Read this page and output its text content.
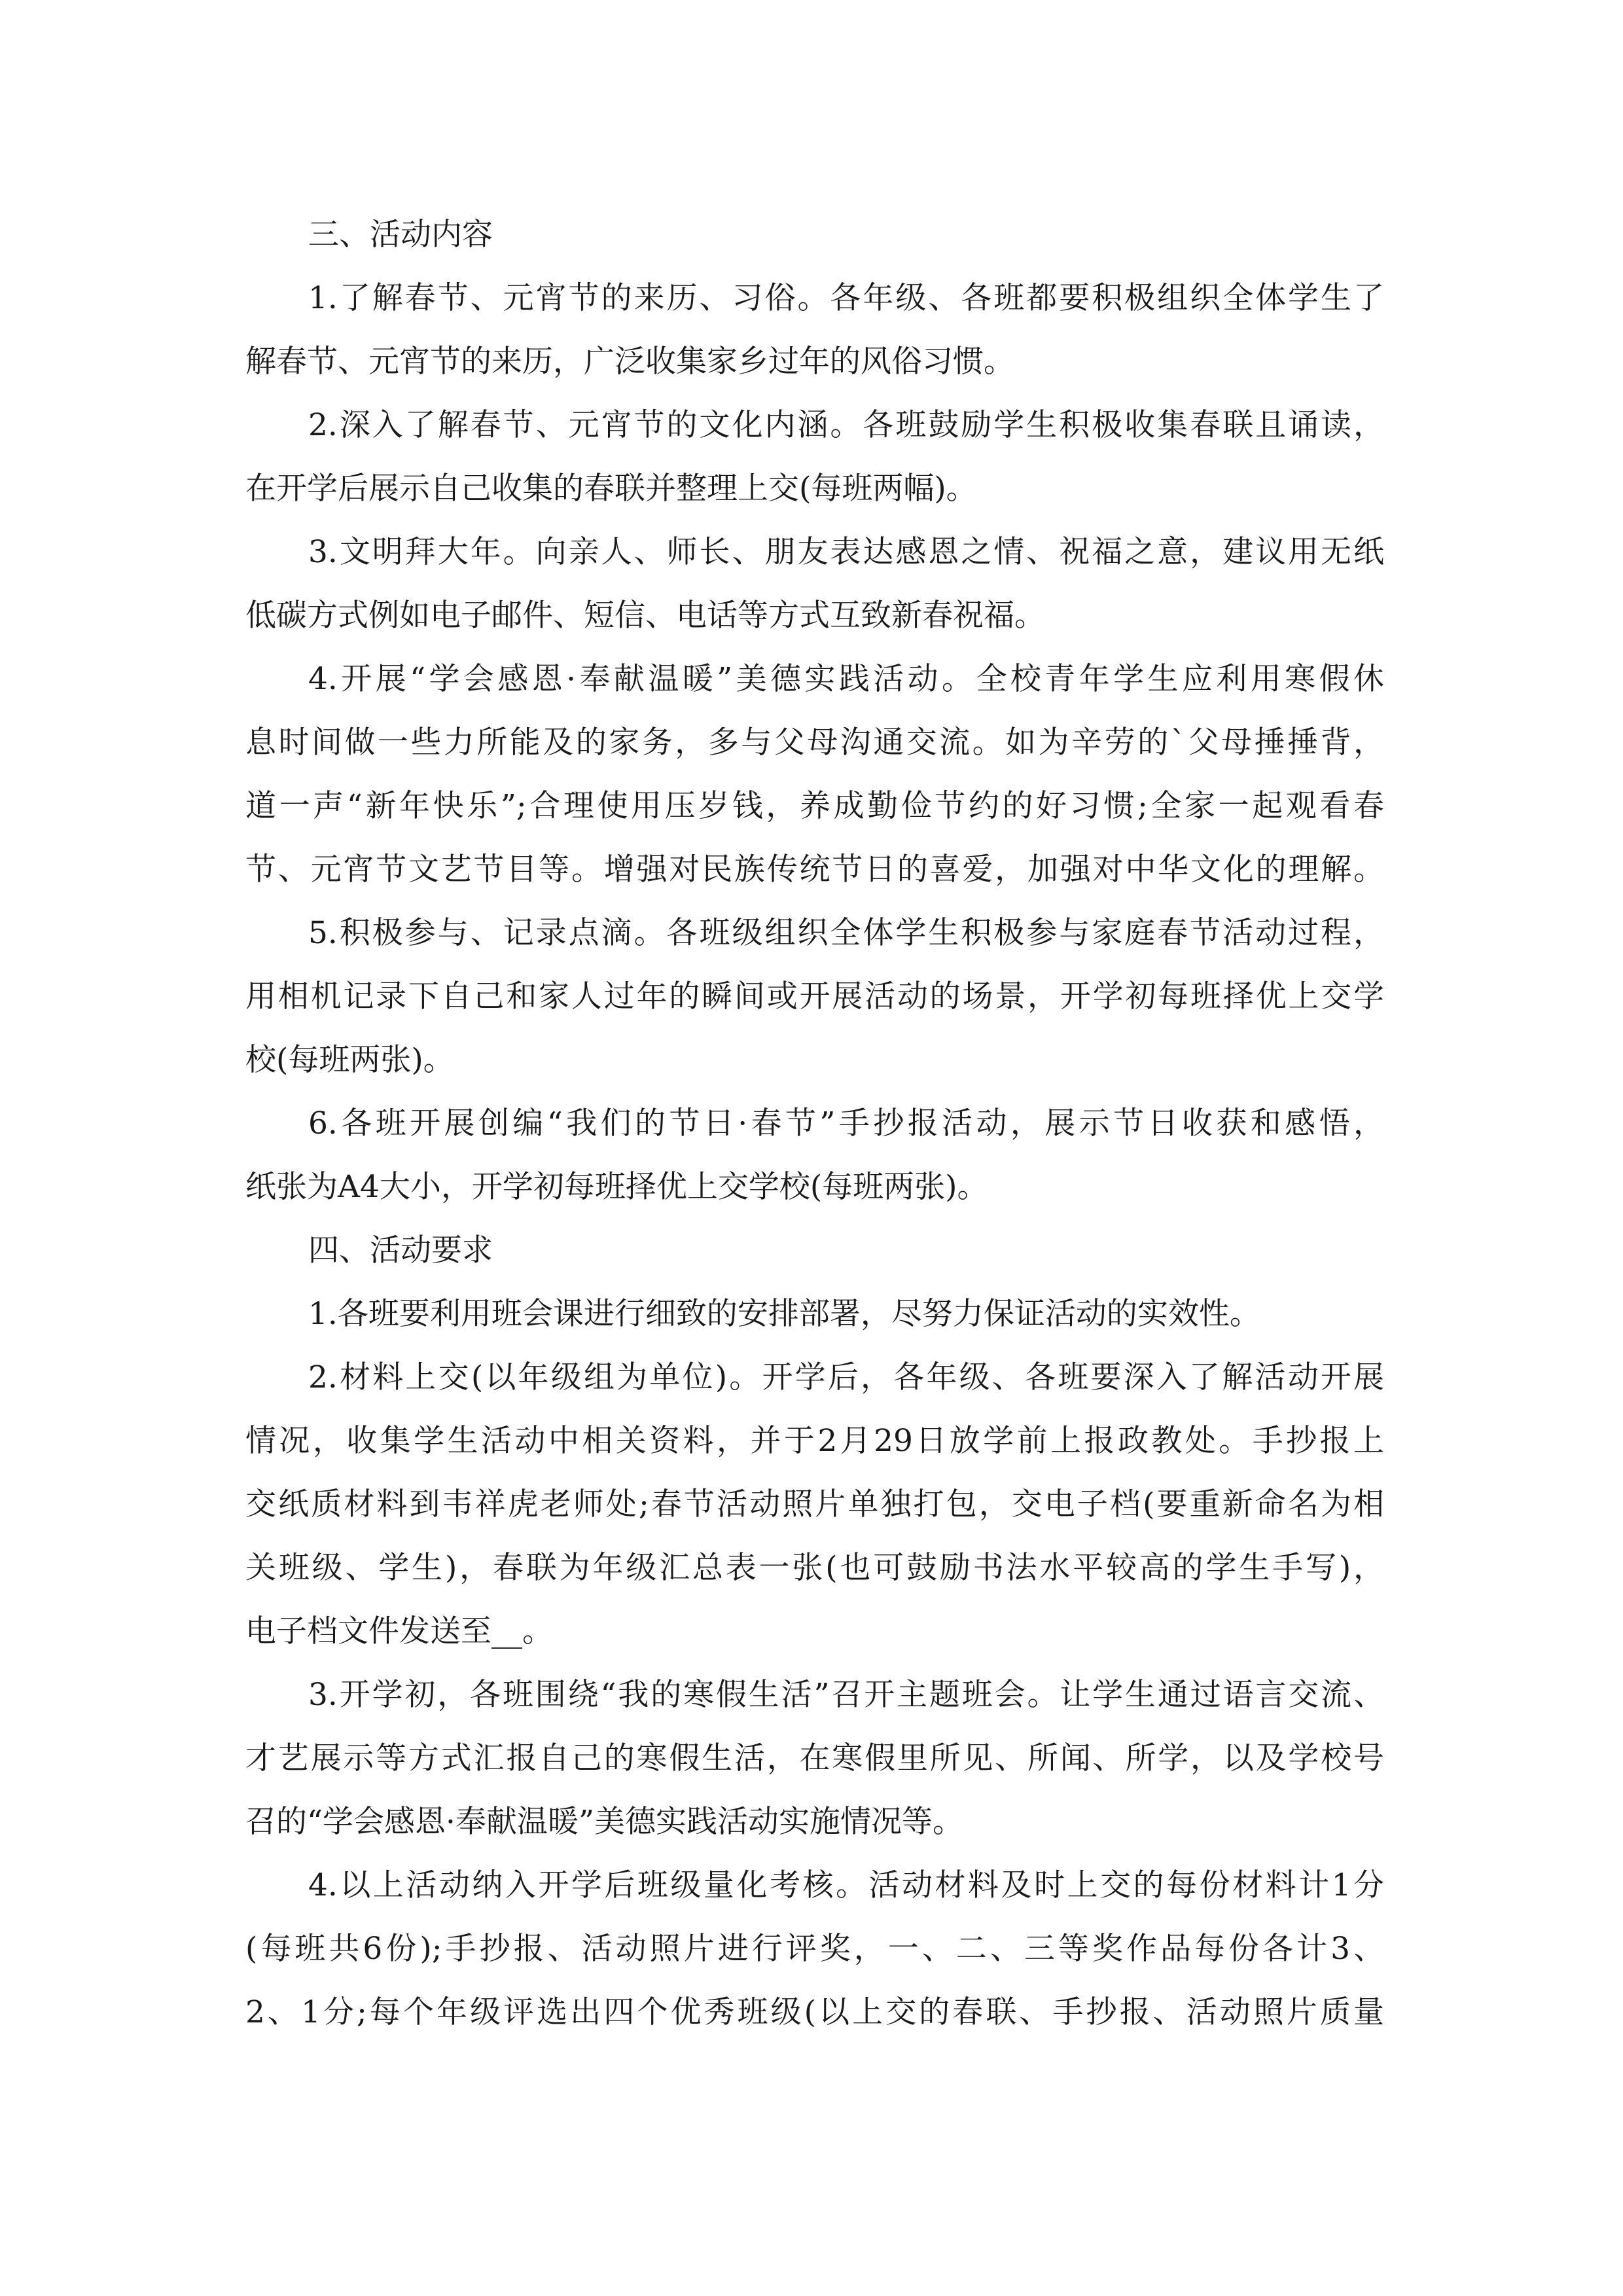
三、活动内容
1.了解春节、元宵节的来历、习俗。各年级、各班都要积极组织全体学生了
解春节、元宵节的来历，广泛收集家乡过年的风俗习惯。
2.深入了解春节、元宵节的文化内涵。各班鼓励学生积极收集春联且诵读，
在开学后展示自己收集的春联并整理上交(每班两幅)。
3.文明拜大年。向亲人、师长、朋友表达感恩之情、祝福之意，建议用无纸
低碳方式例如电子邮件、短信、电话等方式互致新春祝福。
4.开展“学会感恩·奉献温暖”美德实践活动。全校青年学生应利用寒假休
息时间做一些力所能及的家务，多与父母沟通交流。如为辛劳的`父母捶捶背，
道一声“新年快乐”;合理使用压岁钱，养成勤俭节约的好习惯;全家一起观看春
节、元宵节文艺节目等。增强对民族传统节日的喜爱，加强对中华文化的理解。
5.积极参与、记录点滴。各班级组织全体学生积极参与家庭春节活动过程，
用相机记录下自己和家人过年的瞬间或开展活动的场景，开学初每班择优上交学
校(每班两张)。
6.各班开展创编“我们的节日·春节”手抄报活动，展示节日收获和感悟，
纸张为A4大小，开学初每班择优上交学校(每班两张)。
四、活动要求
1.各班要利用班会课进行细致的安排部署，尽努力保证活动的实效性。
2.材料上交(以年级组为单位)。开学后，各年级、各班要深入了解活动开展
情况，收集学生活动中相关资料，并于2月29日放学前上报政教处。手抄报上
交纸质材料到韦祥虎老师处;春节活动照片单独打包，交电子档(要重新命名为相
关班级、学生)，春联为年级汇总表一张(也可鼓励书法水平较高的学生手写)，
电子档文件发送至__。
3.开学初，各班围绕“我的寒假生活”召开主题班会。让学生通过语言交流、
才艺展示等方式汇报自己的寒假生活，在寒假里所见、所闻、所学，以及学校号
召的“学会感恩·奉献温暖”美德实践活动实施情况等。
4.以上活动纳入开学后班级量化考核。活动材料及时上交的每份材料计1分
(每班共6份);手抄报、活动照片进行评奖，一、二、三等奖作品每份各计3、
2、1分;每个年级评选出四个优秀班级(以上交的春联、手抄报、活动照片质量
